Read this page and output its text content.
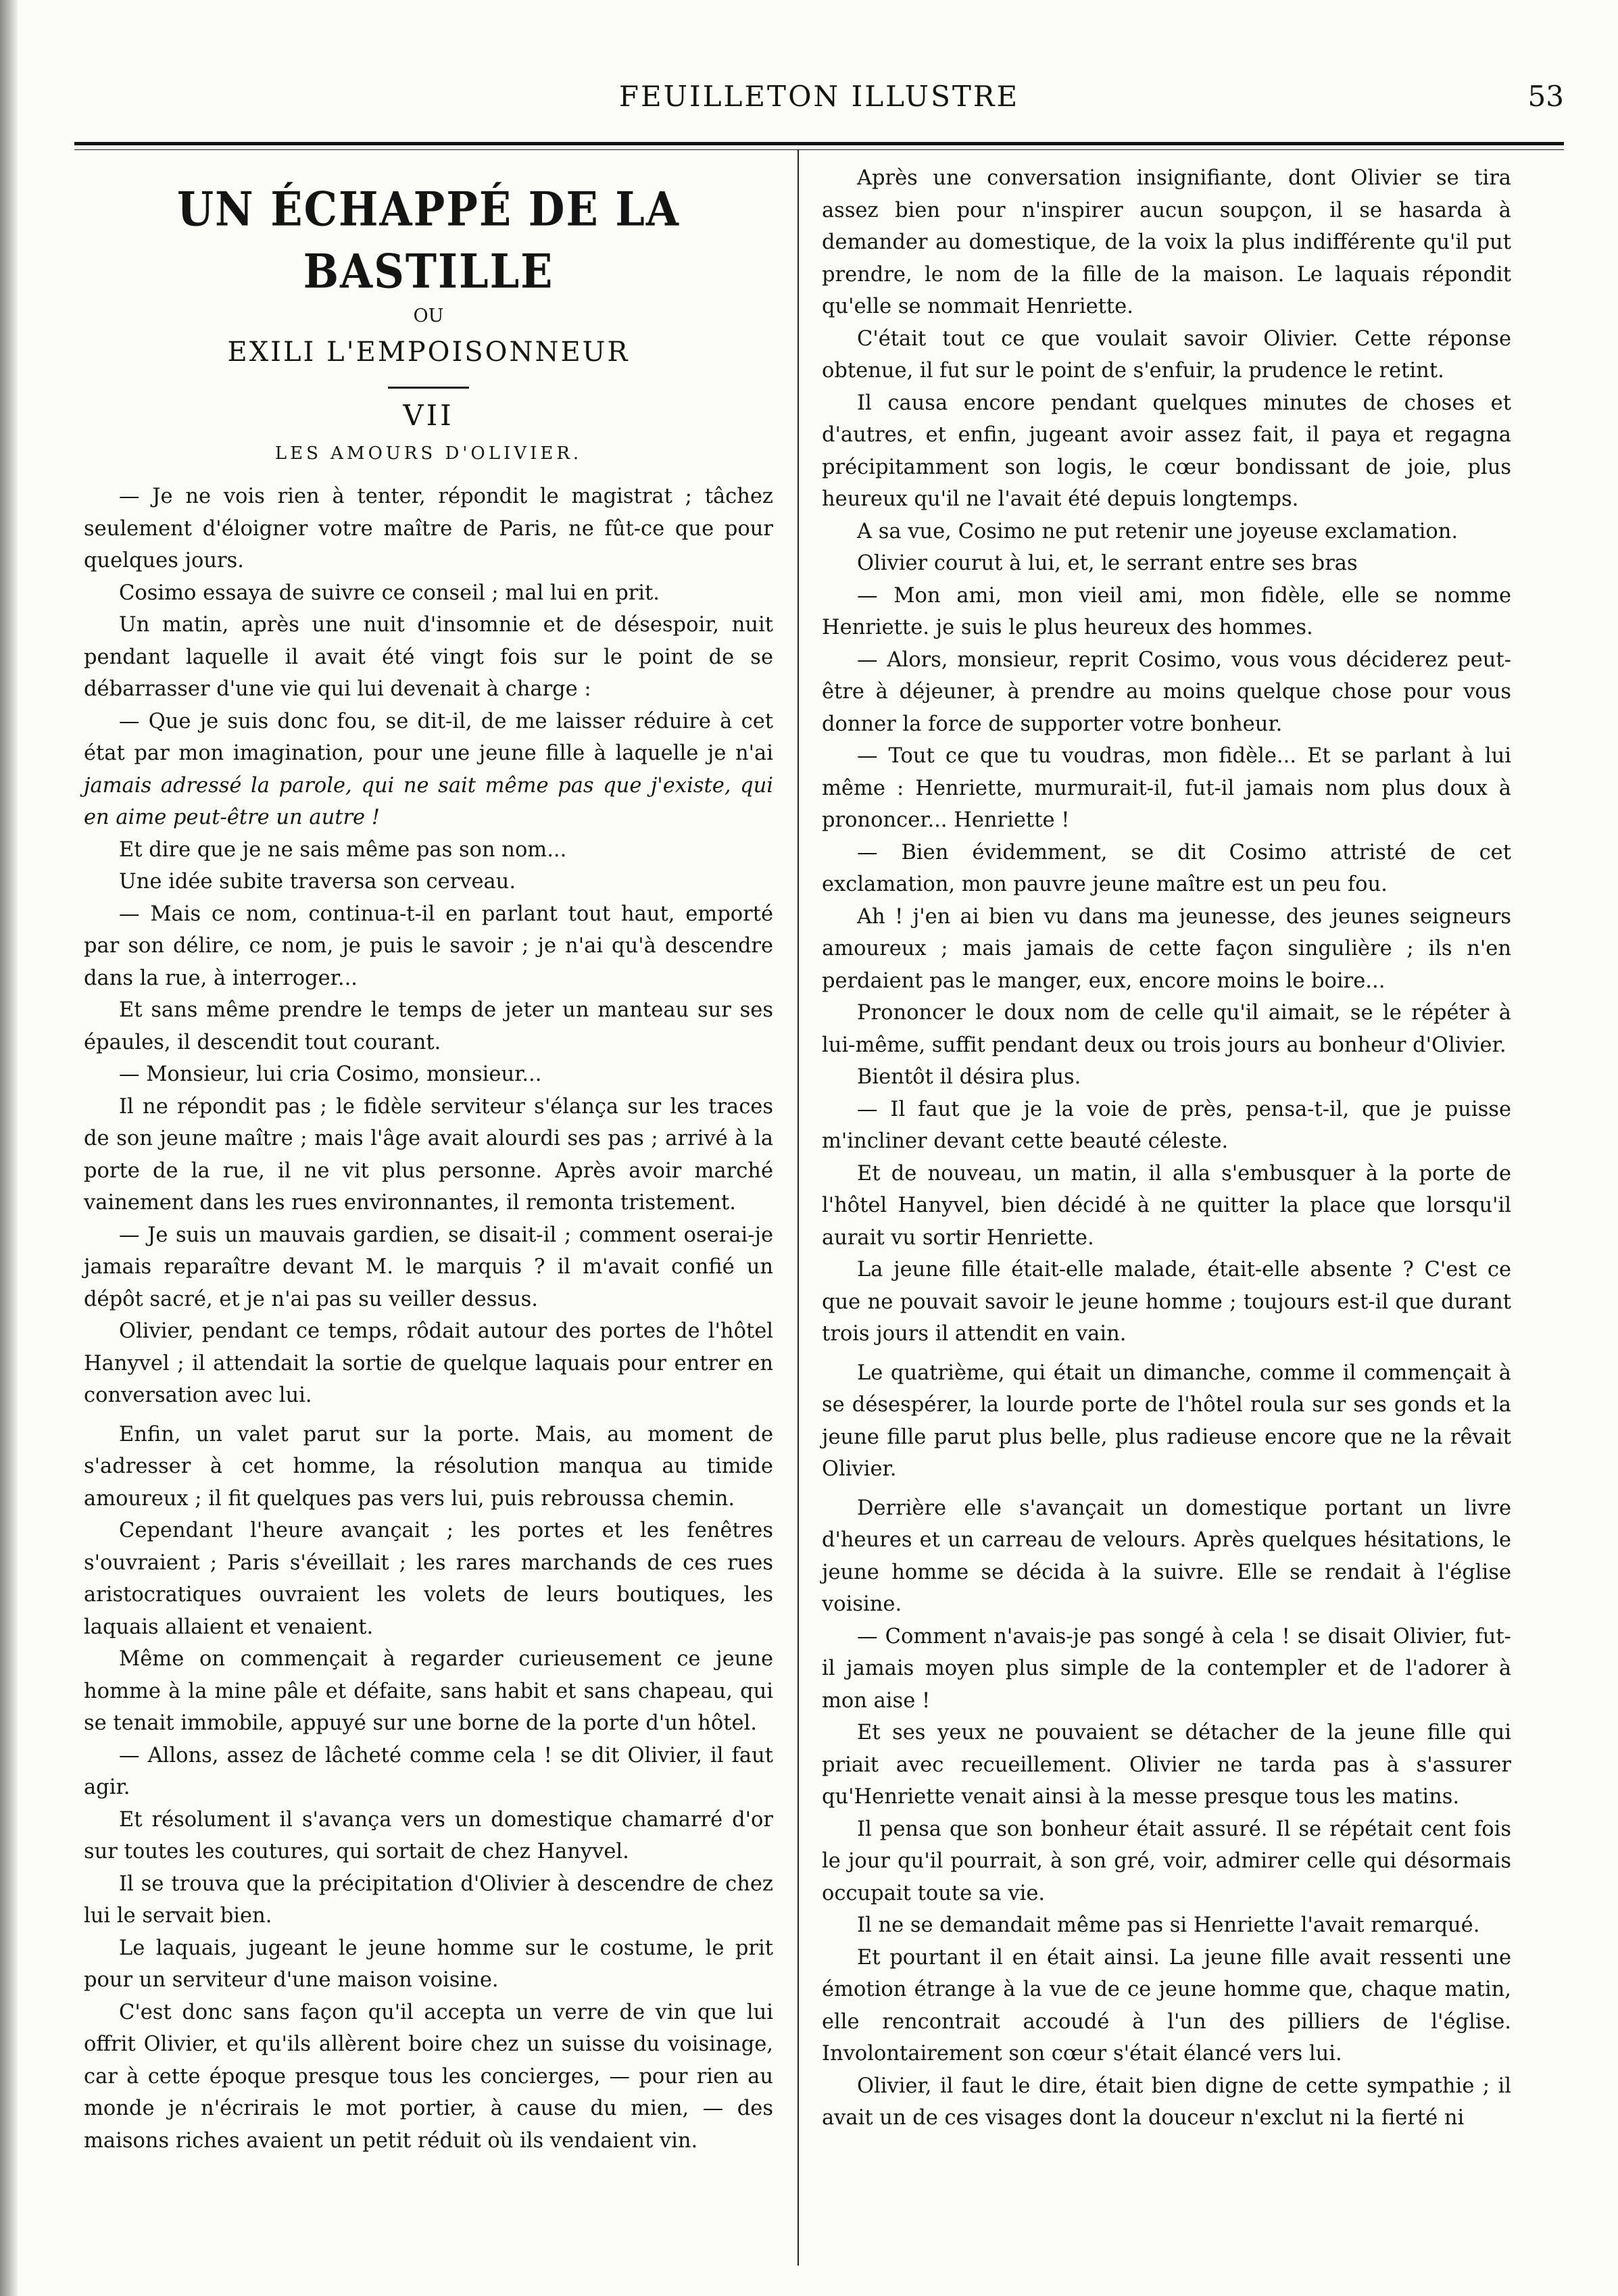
FEUILLETON ILLUSTRE	53
UN ÉCHAPPÉ DE LA BASTILLE
OU
EXILI L'EMPOISONNEUR
VII
LES AMOURS D'OLIVIER.

— Je ne vois rien à tenter, répondit le magistrat ; tâchez seulement d'éloigner votre maître de Paris, ne fût-ce que pour quelques jours.

Cosimo essaya de suivre ce conseil ; mal lui en prit.

Un matin, après une nuit d'insomnie et de désespoir, nuit pendant laquelle il avait été vingt fois sur le point de se débarrasser d'une vie qui lui devenait à charge :

— Que je suis donc fou, se dit-il, de me laisser réduire à cet état par mon imagination, pour une jeune fille à laquelle je n'ai jamais adressé la parole, qui ne sait même pas que j'existe, qui en aime peut-être un autre !

Et dire que je ne sais même pas son nom...

Une idée subite traversa son cerveau.

— Mais ce nom, continua-t-il en parlant tout haut, emporté par son délire, ce nom, je puis le savoir ; je n'ai qu'à descendre dans la rue, à interroger...

Et sans même prendre le temps de jeter un manteau sur ses épaules, il descendit tout courant.

— Monsieur, lui cria Cosimo, monsieur...

Il ne répondit pas ; le fidèle serviteur s'élança sur les traces de son jeune maître ; mais l'âge avait alourdi ses pas ; arrivé à la porte de la rue, il ne vit plus personne. Après avoir marché vainement dans les rues environnantes, il remonta tristement.

— Je suis un mauvais gardien, se disait-il ; comment oserai-je jamais reparaître devant M. le marquis ? il m'avait confié un dépôt sacré, et je n'ai pas su veiller dessus.

Olivier, pendant ce temps, rôdait autour des portes de l'hôtel Hanyvel ; il attendait la sortie de quelque laquais pour entrer en conversation avec lui.

Enfin, un valet parut sur la porte. Mais, au moment de s'adresser à cet homme, la résolution manqua au timide amoureux ; il fit quelques pas vers lui, puis rebroussa chemin.

Cependant l'heure avançait ; les portes et les fenêtres s'ouvraient ; Paris s'éveillait ; les rares marchands de ces rues aristocratiques ouvraient les volets de leurs boutiques, les laquais allaient et venaient.

Même on commençait à regarder curieusement ce jeune homme à la mine pâle et défaite, sans habit et sans chapeau, qui se tenait immobile, appuyé sur une borne de la porte d'un hôtel.

— Allons, assez de lâcheté comme cela ! se dit Olivier, il faut agir.

Et résolument il s'avança vers un domestique chamarré d'or sur toutes les coutures, qui sortait de chez Hanyvel.

Il se trouva que la précipitation d'Olivier à descendre de chez lui le servait bien.

Le laquais, jugeant le jeune homme sur le costume, le prit pour un serviteur d'une maison voisine.

C'est donc sans façon qu'il accepta un verre de vin que lui offrit Olivier, et qu'ils allèrent boire chez un suisse du voisinage, car à cette époque presque tous les concierges, — pour rien au monde je n'écrirais le mot portier, à cause du mien, — des maisons riches avaient un petit réduit où ils vendaient vin.

Après une conversation insignifiante, dont Olivier se tira assez bien pour n'inspirer aucun soupçon, il se hasarda à demander au domestique, de la voix la plus indifférente qu'il put prendre, le nom de la fille de la maison. Le laquais répondit qu'elle se nommait Henriette.

C'était tout ce que voulait savoir Olivier. Cette réponse obtenue, il fut sur le point de s'enfuir, la prudence le retint.

Il causa encore pendant quelques minutes de choses et d'autres, et enfin, jugeant avoir assez fait, il paya et regagna précipitamment son logis, le cœur bondissant de joie, plus heureux qu'il ne l'avait été depuis longtemps.

A sa vue, Cosimo ne put retenir une joyeuse exclamation.

Olivier courut à lui, et, le serrant entre ses bras

— Mon ami, mon vieil ami, mon fidèle, elle se nomme Henriette. je suis le plus heureux des hommes.

— Alors, monsieur, reprit Cosimo, vous vous déciderez peut-être à déjeuner, à prendre au moins quelque chose pour vous donner la force de supporter votre bonheur.

— Tout ce que tu voudras, mon fidèle... Et se parlant à lui même : Henriette, murmurait-il, fut-il jamais nom plus doux à prononcer... Henriette !

— Bien évidemment, se dit Cosimo attristé de cet exclamation, mon pauvre jeune maître est un peu fou.

Ah ! j'en ai bien vu dans ma jeunesse, des jeunes seigneurs amoureux ; mais jamais de cette façon singulière ; ils n'en perdaient pas le manger, eux, encore moins le boire...

Prononcer le doux nom de celle qu'il aimait, se le répéter à lui-même, suffit pendant deux ou trois jours au bonheur d'Olivier.

Bientôt il désira plus.

— Il faut que je la voie de près, pensa-t-il, que je puisse m'incliner devant cette beauté céleste.

Et de nouveau, un matin, il alla s'embusquer à la porte de l'hôtel Hanyvel, bien décidé à ne quitter la place que lorsqu'il aurait vu sortir Henriette.

La jeune fille était-elle malade, était-elle absente ? C'est ce que ne pouvait savoir le jeune homme ; toujours est-il que durant trois jours il attendit en vain.

Le quatrième, qui était un dimanche, comme il commençait à se désespérer, la lourde porte de l'hôtel roula sur ses gonds et la jeune fille parut plus belle, plus radieuse encore que ne la rêvait Olivier.

Derrière elle s'avançait un domestique portant un livre d'heures et un carreau de velours. Après quelques hésitations, le jeune homme se décida à la suivre. Elle se rendait à l'église voisine.

— Comment n'avais-je pas songé à cela ! se disait Olivier, fut-il jamais moyen plus simple de la contempler et de l'adorer à mon aise !

Et ses yeux ne pouvaient se détacher de la jeune fille qui priait avec recueillement. Olivier ne tarda pas à s'assurer qu'Henriette venait ainsi à la messe presque tous les matins.

Il pensa que son bonheur était assuré. Il se répétait cent fois le jour qu'il pourrait, à son gré, voir, admirer celle qui désormais occupait toute sa vie.

Il ne se demandait même pas si Henriette l'avait remarqué.

Et pourtant il en était ainsi. La jeune fille avait ressenti une émotion étrange à la vue de ce jeune homme que, chaque matin, elle rencontrait accoudé à l'un des pilliers de l'église. Involontairement son cœur s'était élancé vers lui.

Olivier, il faut le dire, était bien digne de cette sympathie ; il avait un de ces visages dont la douceur n'exclut ni la fierté ni
